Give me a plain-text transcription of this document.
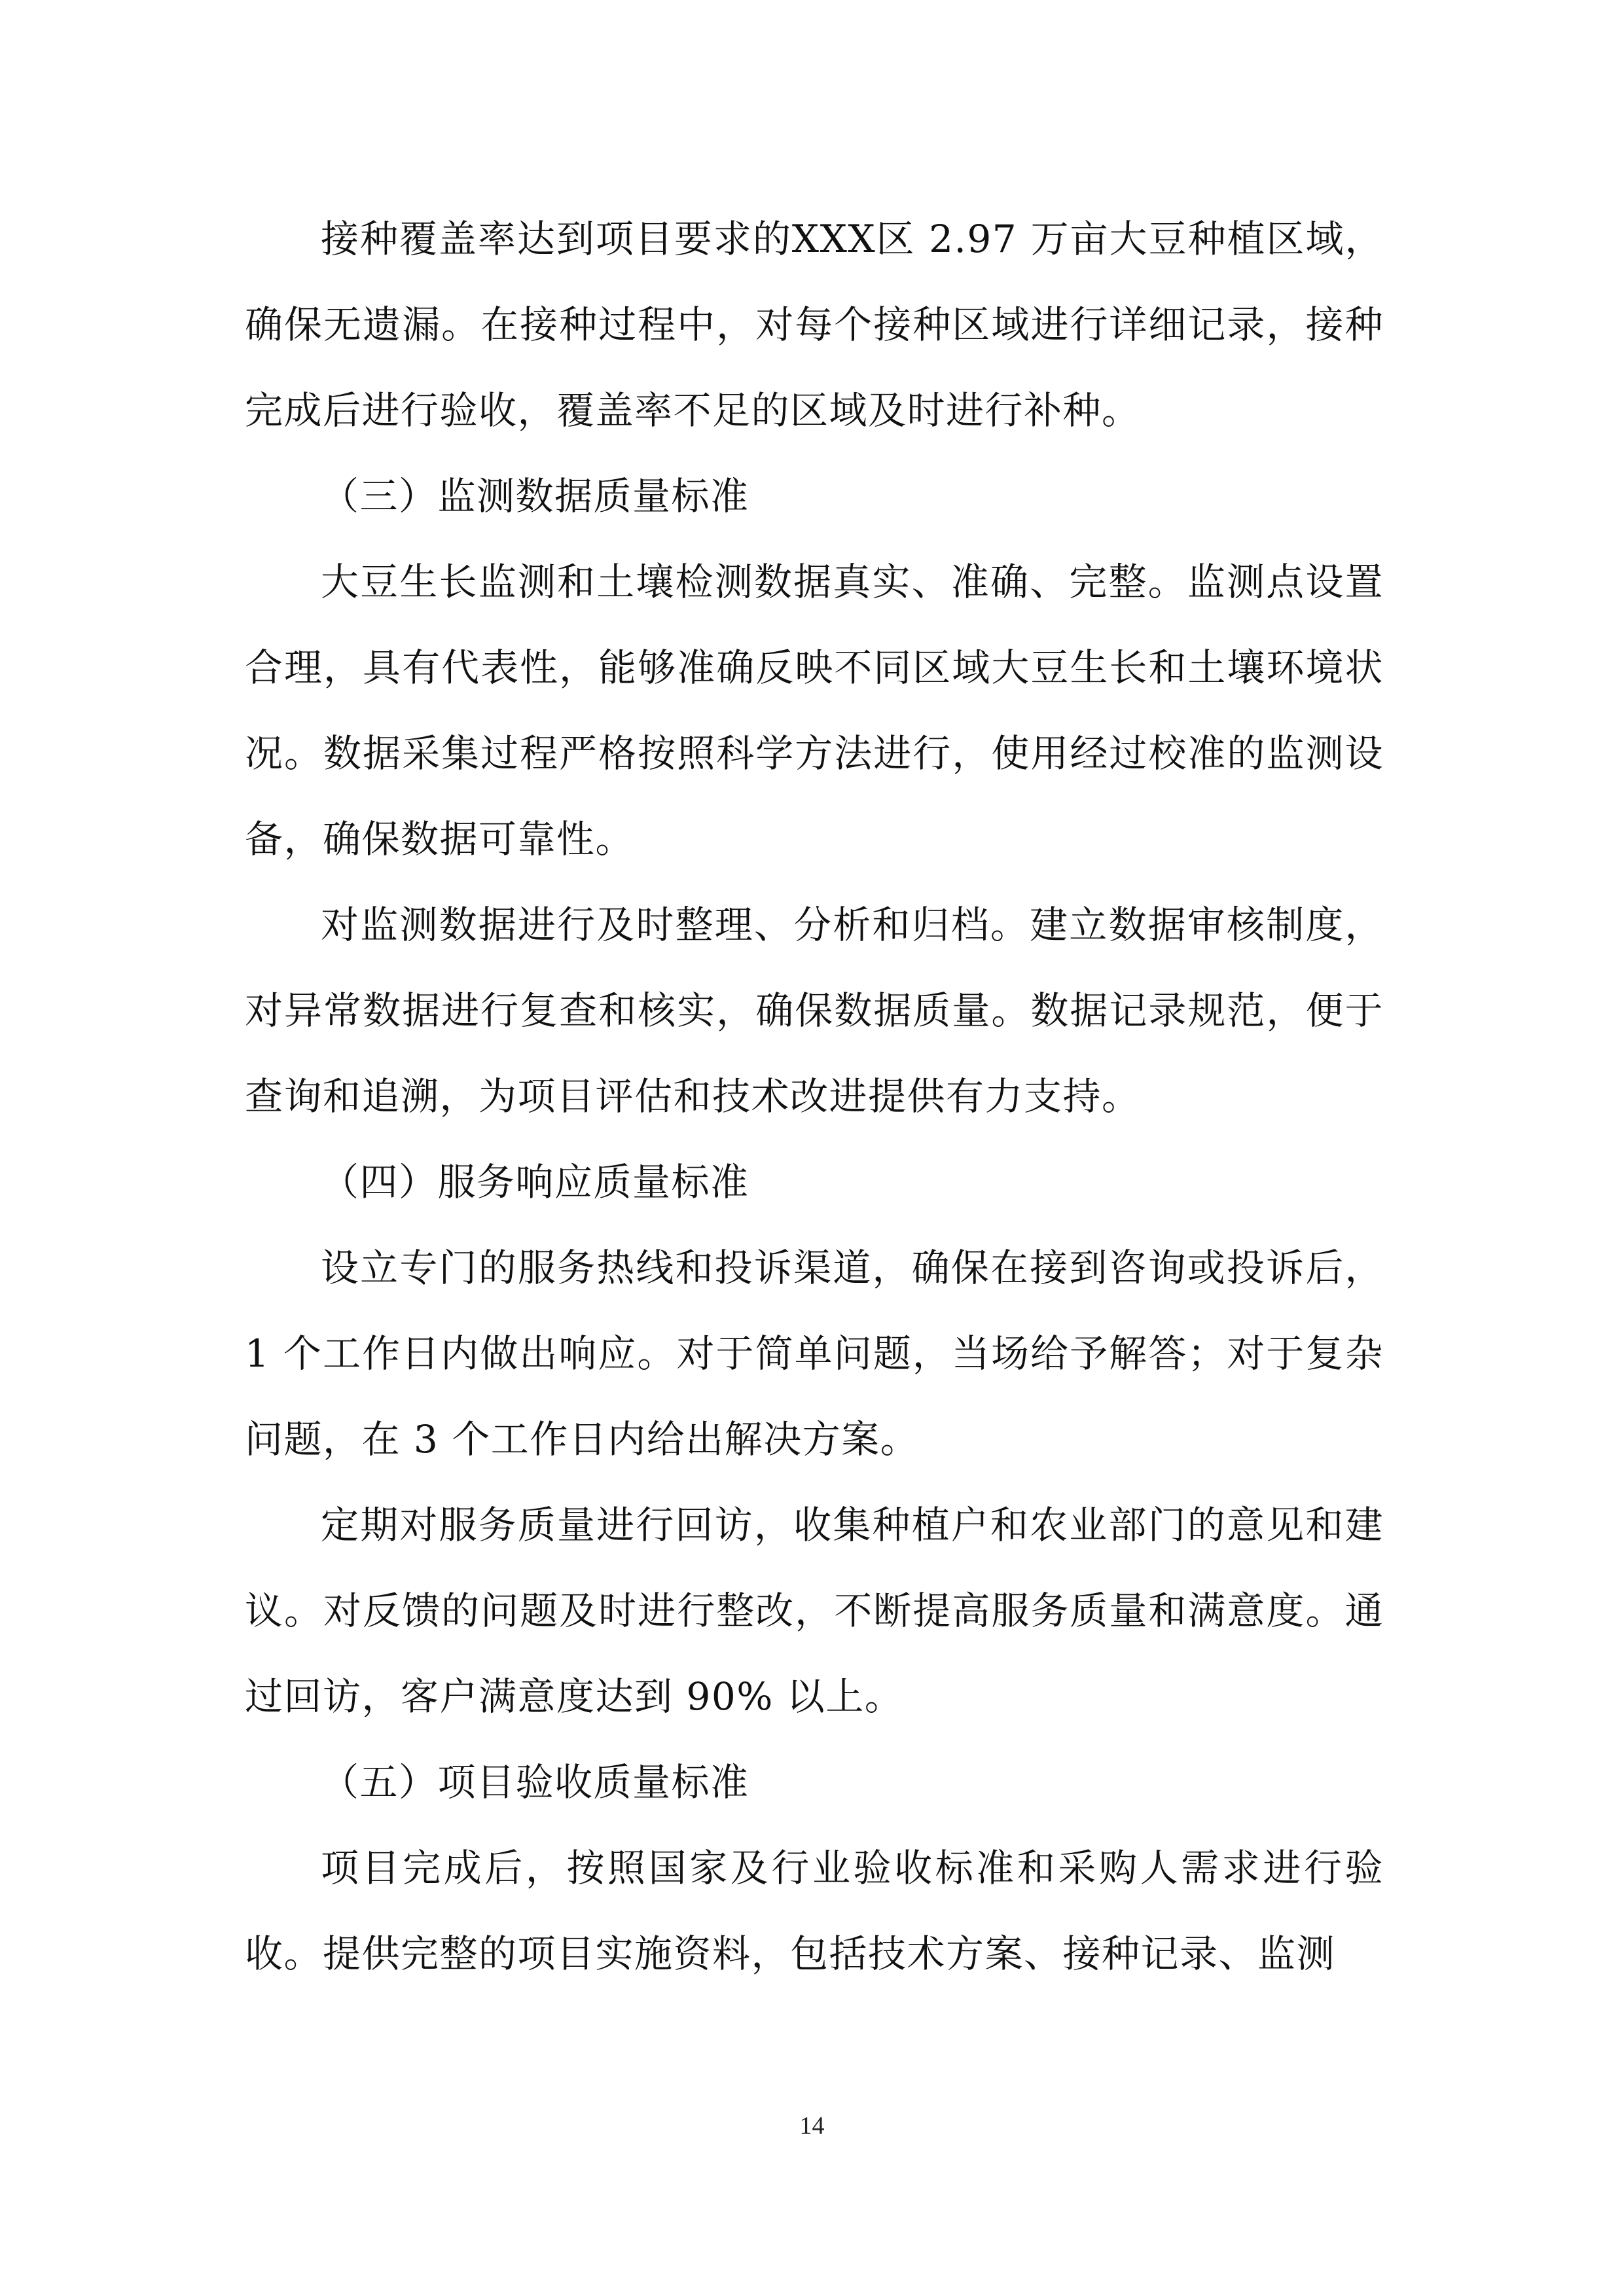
接种覆盖率达到项目要求的XXX区 2.97 万亩大豆种植区域，确保无遗漏。在接种过程中，对每个接种区域进行详细记录，接种完成后进行验收，覆盖率不足的区域及时进行补种。

（三）监测数据质量标准

大豆生长监测和土壤检测数据真实、准确、完整。监测点设置合理，具有代表性，能够准确反映不同区域大豆生长和土壤环境状况。数据采集过程严格按照科学方法进行，使用经过校准的监测设备，确保数据可靠性。

对监测数据进行及时整理、分析和归档。建立数据审核制度，对异常数据进行复查和核实，确保数据质量。数据记录规范，便于查询和追溯，为项目评估和技术改进提供有力支持。

（四）服务响应质量标准

设立专门的服务热线和投诉渠道，确保在接到咨询或投诉后，1 个工作日内做出响应。对于简单问题，当场给予解答；对于复杂问题，在 3 个工作日内给出解决方案。

定期对服务质量进行回访，收集种植户和农业部门的意见和建议。对反馈的问题及时进行整改，不断提高服务质量和满意度。通过回访，客户满意度达到 90% 以上。

（五）项目验收质量标准

项目完成后，按照国家及行业验收标准和采购人需求进行验收。提供完整的项目实施资料，包括技术方案、接种记录、监测

14
